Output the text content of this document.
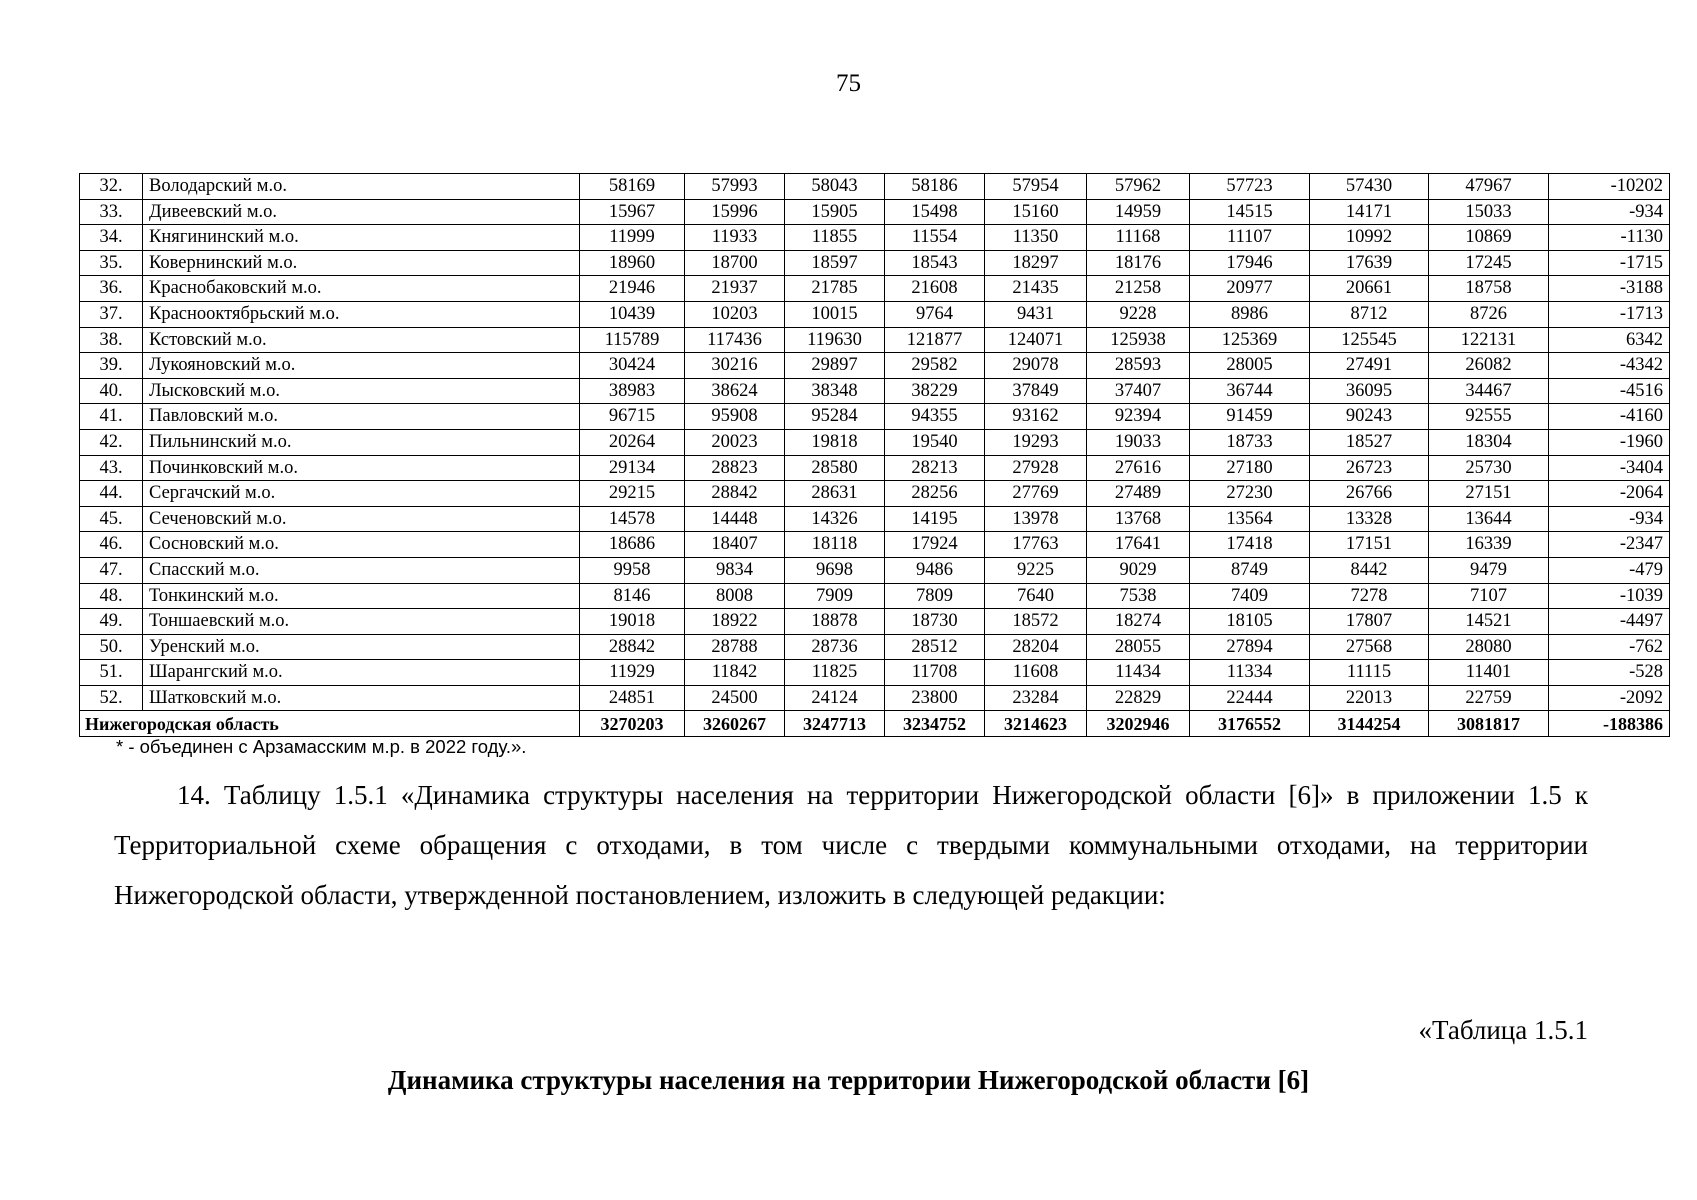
75
32.	Володарский м.о.	58169	57993	58043	58186	57954	57962	57723	57430	47967	-10202
33.	Дивеевский м.о.	15967	15996	15905	15498	15160	14959	14515	14171	15033	-934
34.	Княгининский м.о.	11999	11933	11855	11554	11350	11168	11107	10992	10869	-1130
35.	Ковернинский м.о.	18960	18700	18597	18543	18297	18176	17946	17639	17245	-1715
36.	Краснобаковский м.о.	21946	21937	21785	21608	21435	21258	20977	20661	18758	-3188
37.	Краснооктябрьский м.о.	10439	10203	10015	9764	9431	9228	8986	8712	8726	-1713
38.	Кстовский м.о.	115789	117436	119630	121877	124071	125938	125369	125545	122131	6342
39.	Лукояновский м.о.	30424	30216	29897	29582	29078	28593	28005	27491	26082	-4342
40.	Лысковский м.о.	38983	38624	38348	38229	37849	37407	36744	36095	34467	-4516
41.	Павловский м.о.	96715	95908	95284	94355	93162	92394	91459	90243	92555	-4160
42.	Пильнинский м.о.	20264	20023	19818	19540	19293	19033	18733	18527	18304	-1960
43.	Починковский м.о.	29134	28823	28580	28213	27928	27616	27180	26723	25730	-3404
44.	Сергачский м.о.	29215	28842	28631	28256	27769	27489	27230	26766	27151	-2064
45.	Сеченовский м.о.	14578	14448	14326	14195	13978	13768	13564	13328	13644	-934
46.	Сосновский м.о.	18686	18407	18118	17924	17763	17641	17418	17151	16339	-2347
47.	Спасский м.о.	9958	9834	9698	9486	9225	9029	8749	8442	9479	-479
48.	Тонкинский м.о.	8146	8008	7909	7809	7640	7538	7409	7278	7107	-1039
49.	Тоншаевский м.о.	19018	18922	18878	18730	18572	18274	18105	17807	14521	-4497
50.	Уренский м.о.	28842	28788	28736	28512	28204	28055	27894	27568	28080	-762
51.	Шарангский м.о.	11929	11842	11825	11708	11608	11434	11334	11115	11401	-528
52.	Шатковский м.о.	24851	24500	24124	23800	23284	22829	22444	22013	22759	-2092
Нижегородская область		3270203	3260267	3247713	3234752	3214623	3202946	3176552	3144254	3081817	-188386
* - объединен с Арзамасским м.р. в 2022 году.».
14. Таблицу 1.5.1 «Динамика структуры населения на территории Нижегородской области [6]» в приложении 1.5 к Территориальной схеме обращения с отходами, в том числе с твердыми коммунальными отходами, на территории Нижегородской области, утвержденной постановлением, изложить в следующей редакции:
«Таблица 1.5.1
Динамика структуры населения на территории Нижегородской области [6]
